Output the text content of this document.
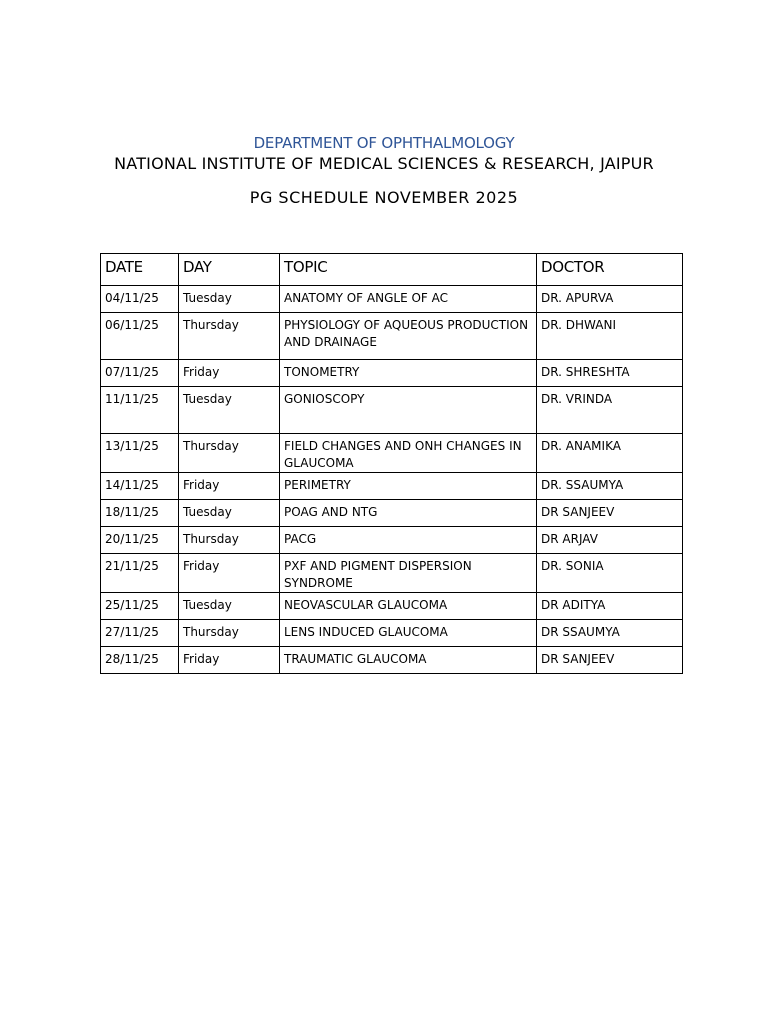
DEPARTMENT OF OPHTHALMOLOGY
NATIONAL INSTITUTE OF MEDICAL SCIENCES & RESEARCH, JAIPUR
PG SCHEDULE NOVEMBER 2025
DATE	DAY	TOPIC	DOCTOR
04/11/25	Tuesday	ANATOMY OF ANGLE OF AC	DR. APURVA
06/11/25	Thursday	PHYSIOLOGY OF AQUEOUS PRODUCTION AND DRAINAGE	DR. DHWANI
07/11/25	Friday	TONOMETRY	DR. SHRESHTA
11/11/25	Tuesday	GONIOSCOPY	DR. VRINDA
13/11/25	Thursday	FIELD CHANGES AND ONH CHANGES IN GLAUCOMA	DR. ANAMIKA
14/11/25	Friday	PERIMETRY	DR. SSAUMYA
18/11/25	Tuesday	POAG AND NTG	DR SANJEEV
20/11/25	Thursday	PACG	DR ARJAV
21/11/25	Friday	PXF AND PIGMENT DISPERSION SYNDROME	DR. SONIA
25/11/25	Tuesday	NEOVASCULAR GLAUCOMA	DR ADITYA
27/11/25	Thursday	LENS INDUCED GLAUCOMA	DR SSAUMYA
28/11/25	Friday	TRAUMATIC GLAUCOMA	DR SANJEEV
